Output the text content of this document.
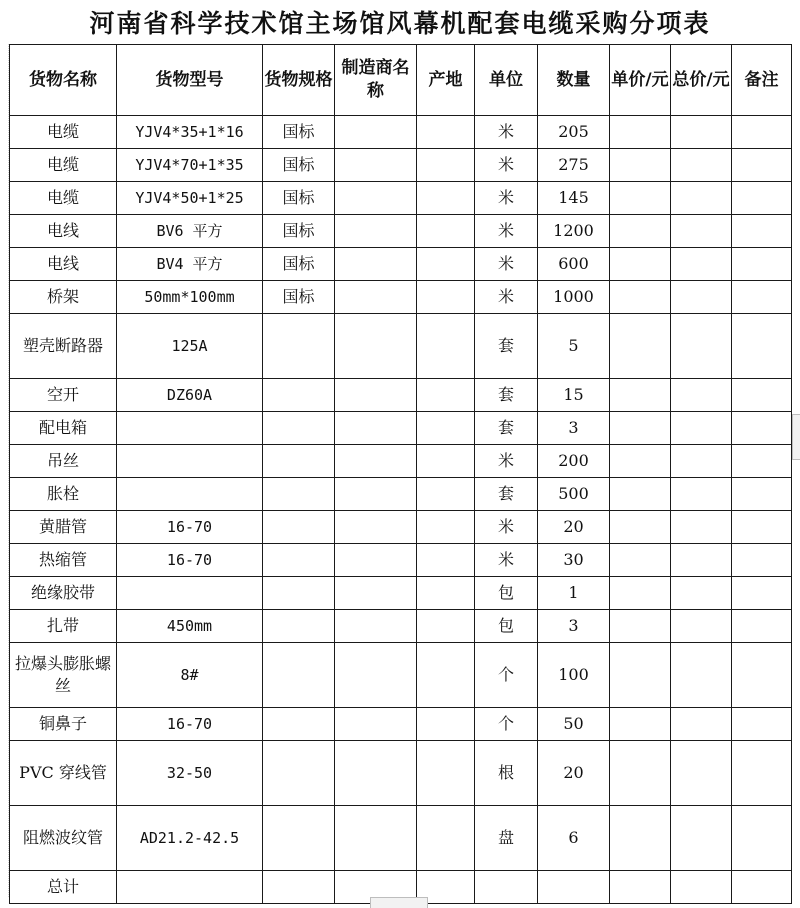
河南省科学技术馆主场馆风幕机配套电缆采购分项表
货物名称	货物型号	货物规格	制造商名称	产地	单位	数量	单价/元	总价/元	备注
电缆	YJV4*35+1*16	国标			米	205			
电缆	YJV4*70+1*35	国标			米	275			
电缆	YJV4*50+1*25	国标			米	145			
电线	BV6 平方	国标			米	1200			
电线	BV4 平方	国标			米	600			
桥架	50mm*100mm	国标			米	1000			
塑壳断路器	125A				套	5			
空开	DZ60A				套	15			
配电箱					套	3			
吊丝					米	200			
胀栓					套	500			
黄腊管	16-70				米	20			
热缩管	16-70				米	30			
绝缘胶带					包	1			
扎带	450mm				包	3			
拉爆头膨胀螺丝	8#				个	100			
铜鼻子	16-70				个	50			
PVC 穿线管	32-50				根	20			
阻燃波纹管	AD21.2-42.5				盘	6			
总计									
